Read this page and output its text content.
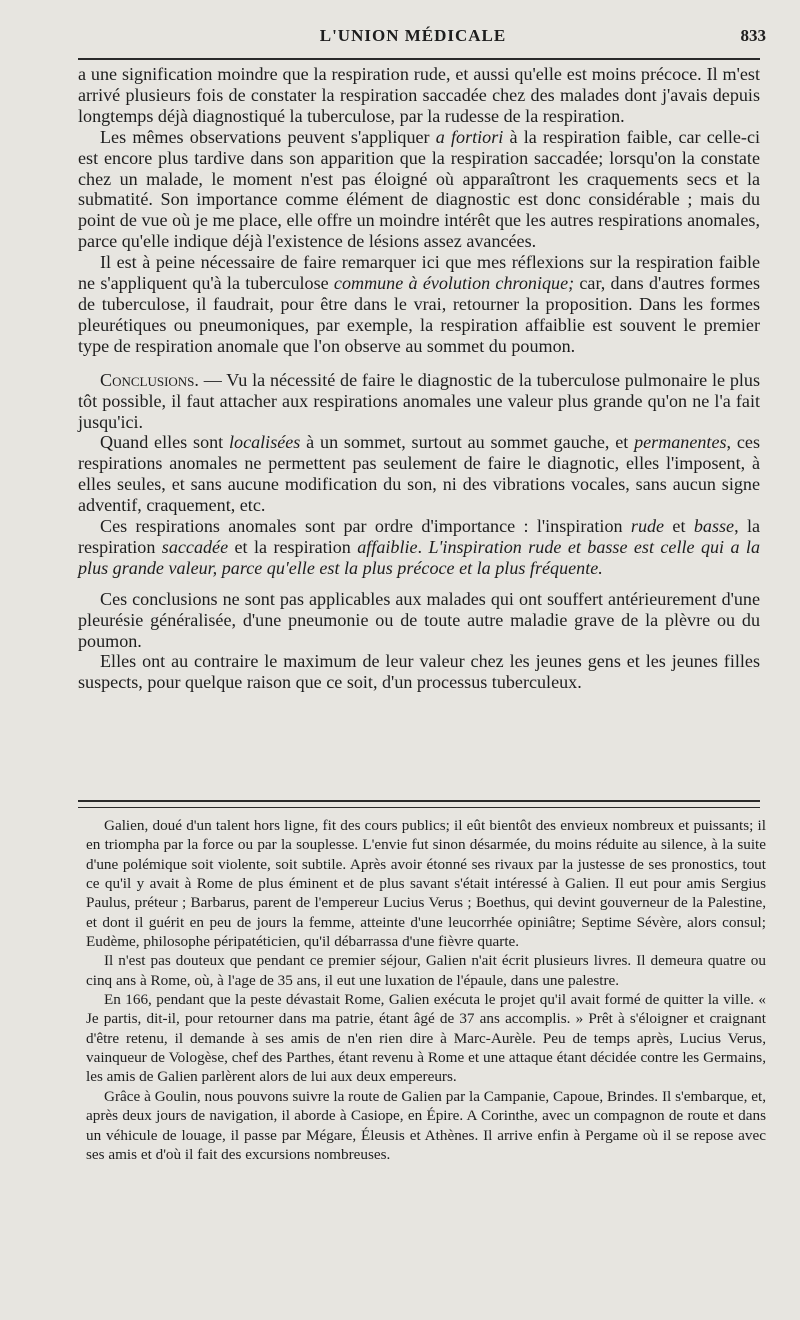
L'UNION MÉDICALE	833

a une signification moindre que la respiration rude, et aussi qu'elle est moins précoce. Il m'est arrivé plusieurs fois de constater la respiration saccadée chez des malades dont j'avais depuis longtemps déjà diagnostiqué la tuberculose, par la rudesse de la respiration.

Les mêmes observations peuvent s'appliquer a fortiori à la respiration faible, car celle-ci est encore plus tardive dans son apparition que la respiration saccadée; lorsqu'on la constate chez un malade, le moment n'est pas éloigné où apparaîtront les craquements secs et la submatité. Son importance comme élément de diagnostic est donc considérable ; mais du point de vue où je me place, elle offre un moindre intérêt que les autres respirations anomales, parce qu'elle indique déjà l'existence de lésions assez avancées.

Il est à peine nécessaire de faire remarquer ici que mes réflexions sur la respiration faible ne s'appliquent qu'à la tuberculose commune à évolution chronique; car, dans d'autres formes de tuberculose, il faudrait, pour être dans le vrai, retourner la proposition. Dans les formes pleurétiques ou pneumoniques, par exemple, la respiration affaiblie est souvent le premier type de respiration anomale que l'on observe au sommet du poumon.

Conclusions. — Vu la nécessité de faire le diagnostic de la tuberculose pulmonaire le plus tôt possible, il faut attacher aux respirations anomales une valeur plus grande qu'on ne l'a fait jusqu'ici.

Quand elles sont localisées à un sommet, surtout au sommet gauche, et permanentes, ces respirations anomales ne permettent pas seulement de faire le diagnotic, elles l'imposent, à elles seules, et sans aucune modification du son, ni des vibrations vocales, sans aucun signe adventif, craquement, etc.

Ces respirations anomales sont par ordre d'importance : l'inspiration rude et basse, la respiration saccadée et la respiration affaiblie. L'inspiration rude et basse est celle qui a la plus grande valeur, parce qu'elle est la plus précoce et la plus fréquente.

Ces conclusions ne sont pas applicables aux malades qui ont souffert antérieurement d'une pleurésie généralisée, d'une pneumonie ou de toute autre maladie grave de la plèvre ou du poumon.

Elles ont au contraire le maximum de leur valeur chez les jeunes gens et les jeunes filles suspects, pour quelque raison que ce soit, d'un processus tuberculeux.

Galien, doué d'un talent hors ligne, fit des cours publics; il eût bientôt des envieux nombreux et puissants; il en triompha par la force ou par la souplesse. L'envie fut sinon désarmée, du moins réduite au silence, à la suite d'une polémique soit violente, soit subtile. Après avoir étonné ses rivaux par la justesse de ses pronostics, tout ce qu'il y avait à Rome de plus éminent et de plus savant s'était intéressé à Galien. Il eut pour amis Sergius Paulus, préteur ; Barbarus, parent de l'empereur Lucius Verus ; Boethus, qui devint gouverneur de la Palestine, et dont il guérit en peu de jours la femme, atteinte d'une leucorrhée opiniâtre; Septime Sévère, alors consul; Eudème, philosophe péripatéticien, qu'il débarrassa d'une fièvre quarte.

Il n'est pas douteux que pendant ce premier séjour, Galien n'ait écrit plusieurs livres. Il demeura quatre ou cinq ans à Rome, où, à l'age de 35 ans, il eut une luxation de l'épaule, dans une palestre.

En 166, pendant que la peste dévastait Rome, Galien exécuta le projet qu'il avait formé de quitter la ville. « Je partis, dit-il, pour retourner dans ma patrie, étant âgé de 37 ans accomplis. » Prêt à s'éloigner et craignant d'être retenu, il demande à ses amis de n'en rien dire à Marc-Aurèle. Peu de temps après, Lucius Verus, vainqueur de Vologèse, chef des Parthes, étant revenu à Rome et une attaque étant décidée contre les Germains, les amis de Galien parlèrent alors de lui aux deux empereurs.

Grâce à Goulin, nous pouvons suivre la route de Galien par la Campanie, Capoue, Brindes. Il s'embarque, et, après deux jours de navigation, il aborde à Casiope, en Épire. A Corinthe, avec un compagnon de route et dans un véhicule de louage, il passe par Mégare, Éleusis et Athènes. Il arrive enfin à Pergame où il se repose avec ses amis et d'où il fait des excursions nombreuses.
